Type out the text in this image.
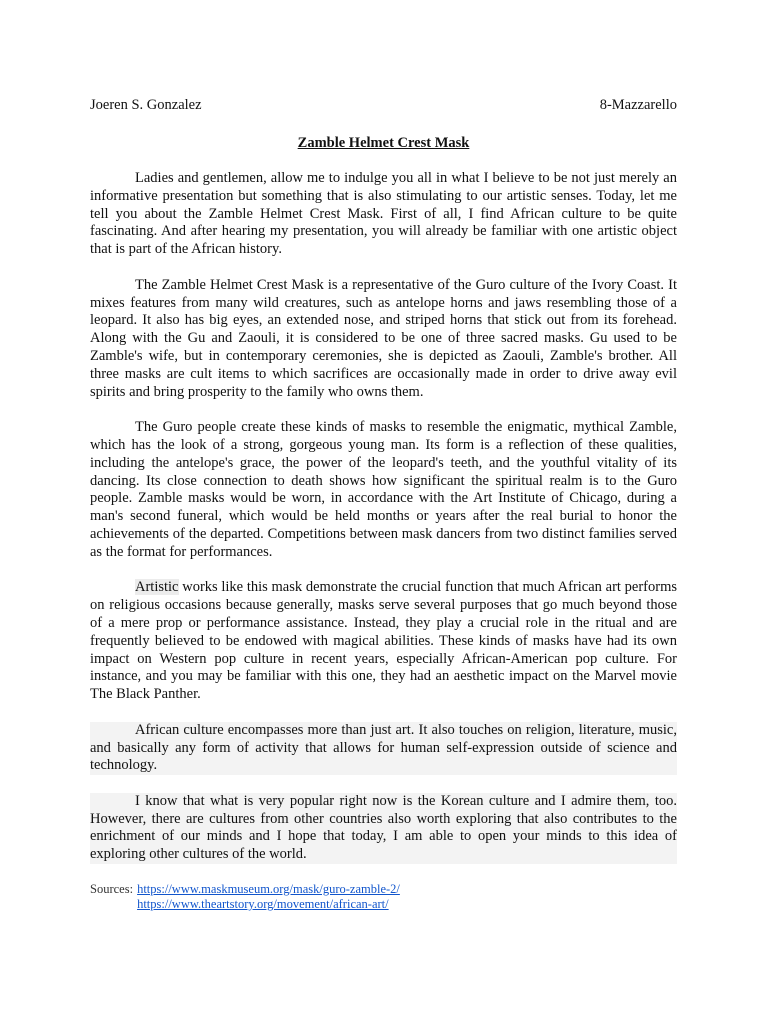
Joeren S. Gonzalez	8-Mazzarello
Zamble Helmet Crest Mask

Ladies and gentlemen, allow me to indulge you all in what I believe to be not just merely an informative presentation but something that is also stimulating to our artistic senses. Today, let me tell you about the Zamble Helmet Crest Mask. First of all, I find African culture to be quite fascinating. And after hearing my presentation, you will already be familiar with one artistic object that is part of the African history.

The Zamble Helmet Crest Mask is a representative of the Guro culture of the Ivory Coast. It mixes features from many wild creatures, such as antelope horns and jaws resembling those of a leopard. It also has big eyes, an extended nose, and striped horns that stick out from its forehead. Along with the Gu and Zaouli, it is considered to be one of three sacred masks. Gu used to be Zamble's wife, but in contemporary ceremonies, she is depicted as Zaouli, Zamble's brother. All three masks are cult items to which sacrifices are occasionally made in order to drive away evil spirits and bring prosperity to the family who owns them.

The Guro people create these kinds of masks to resemble the enigmatic, mythical Zamble, which has the look of a strong, gorgeous young man. Its form is a reflection of these qualities, including the antelope's grace, the power of the leopard's teeth, and the youthful vitality of its dancing. Its close connection to death shows how significant the spiritual realm is to the Guro people. Zamble masks would be worn, in accordance with the Art Institute of Chicago, during a man's second funeral, which would be held months or years after the real burial to honor the achievements of the departed. Competitions between mask dancers from two distinct families served as the format for performances.

Artistic works like this mask demonstrate the crucial function that much African art performs on religious occasions because generally, masks serve several purposes that go much beyond those of a mere prop or performance assistance. Instead, they play a crucial role in the ritual and are frequently believed to be endowed with magical abilities. These kinds of masks have had its own impact on Western pop culture in recent years, especially African-American pop culture. For instance, and you may be familiar with this one, they had an aesthetic impact on the Marvel movie The Black Panther.

African culture encompasses more than just art. It also touches on religion, literature, music, and basically any form of activity that allows for human self-expression outside of science and technology.

I know that what is very popular right now is the Korean culture and I admire them, too. However, there are cultures from other countries also worth exploring that also contributes to the enrichment of our minds and I hope that today, I am able to open your minds to this idea of exploring other cultures of the world.

Sources: https://www.maskmuseum.org/mask/guro-zamble-2/
https://www.theartstory.org/movement/african-art/
